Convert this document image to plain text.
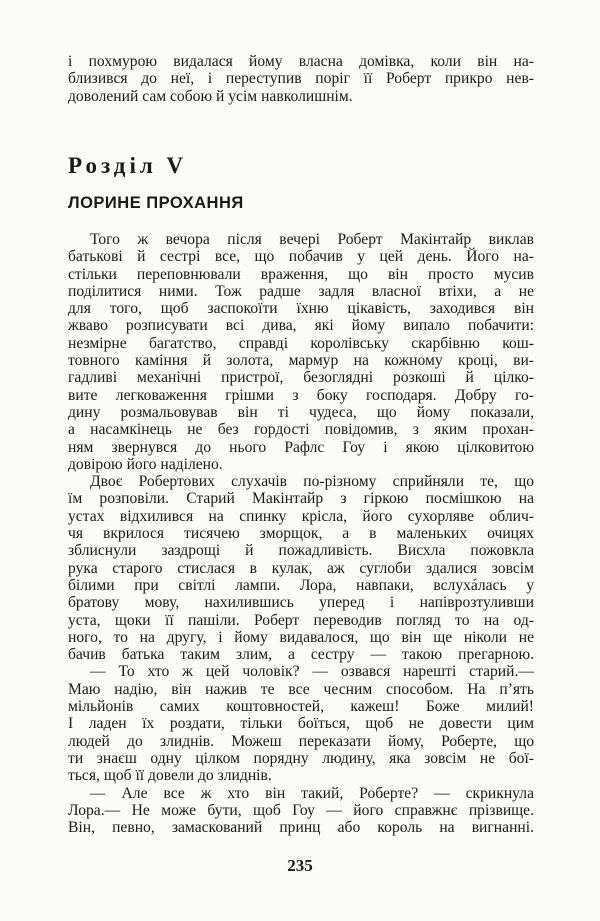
і похмурою видалася йому власна домівка, коли він на-
близився до неї, і переступив поріг її Роберт прикро нев-
доволений сам собою й усім навколишнім.
Розділ V
ЛОРИНЕ ПРОХАННЯ
Того ж вечора після вечері Роберт Макінтайр виклав
батькові й сестрі все, що побачив у цей день. Його на-
стільки переповнювали враження, що він просто мусив
поділитися ними. Тож радше задля власної втіхи, а не
для того, щоб заспокоїти їхню цікавість, заходився він
жваво розписувати всі дива, які йому випало побачити:
незмірне багатство, справді королівську скарбівню кош-
товного каміння й золота, мармур на кожному кроці, ви-
гадливі механічні пристрої, безоглядні розкоші й цілко-
вите легковаження грішми з боку господаря. Добру го-
дину розмальовував він ті чудеса, що йому показали,
а насамкінець не без гордості повідомив, з яким прохан-
ням звернувся до нього Рафлс Гоу і якою цілковитою
довірою його наділено.
Двоє Робертових слухачів по-різному сприйняли те, що
їм розповіли. Старий Макінтайр з гіркою посмішкою на
устах відхилився на спинку крісла, його сухорляве облич-
чя вкрилося тисячею зморщок, а в маленьких очицях
зблиснули заздрощі й пожадливість. Висхла пожовкла
рука старого стислася в кулак, аж суглоби здалися зовсім
білими при світлі лампи. Лора, навпаки, вслухáлась у
братову мову, нахилившись уперед і напіврозтуливши
уста, щоки її пашіли. Роберт переводив погляд то на од-
ного, то на другу, і йому видавалося, що він ще ніколи не
бачив батька таким злим, а сестру — такою прегарною.
— То хто ж цей чоловік? — озвався нарешті старий.—
Маю надію, він нажив те все чесним способом. На п’ять
мільйонів самих коштовностей, кажеш! Боже милий!
І ладен їх роздати, тільки боїться, щоб не довести цим
людей до злиднів. Можеш переказати йому, Роберте, що
ти знаєш одну цілком порядну людину, яка зовсім не бої-
ться, щоб її довели до злиднів.
— Але все ж хто він такий, Роберте? — скрикнула
Лора.— Не може бути, щоб Гоу — його справжнє прізвище.
Він, певно, замаскований принц або король на вигнанні.
235
